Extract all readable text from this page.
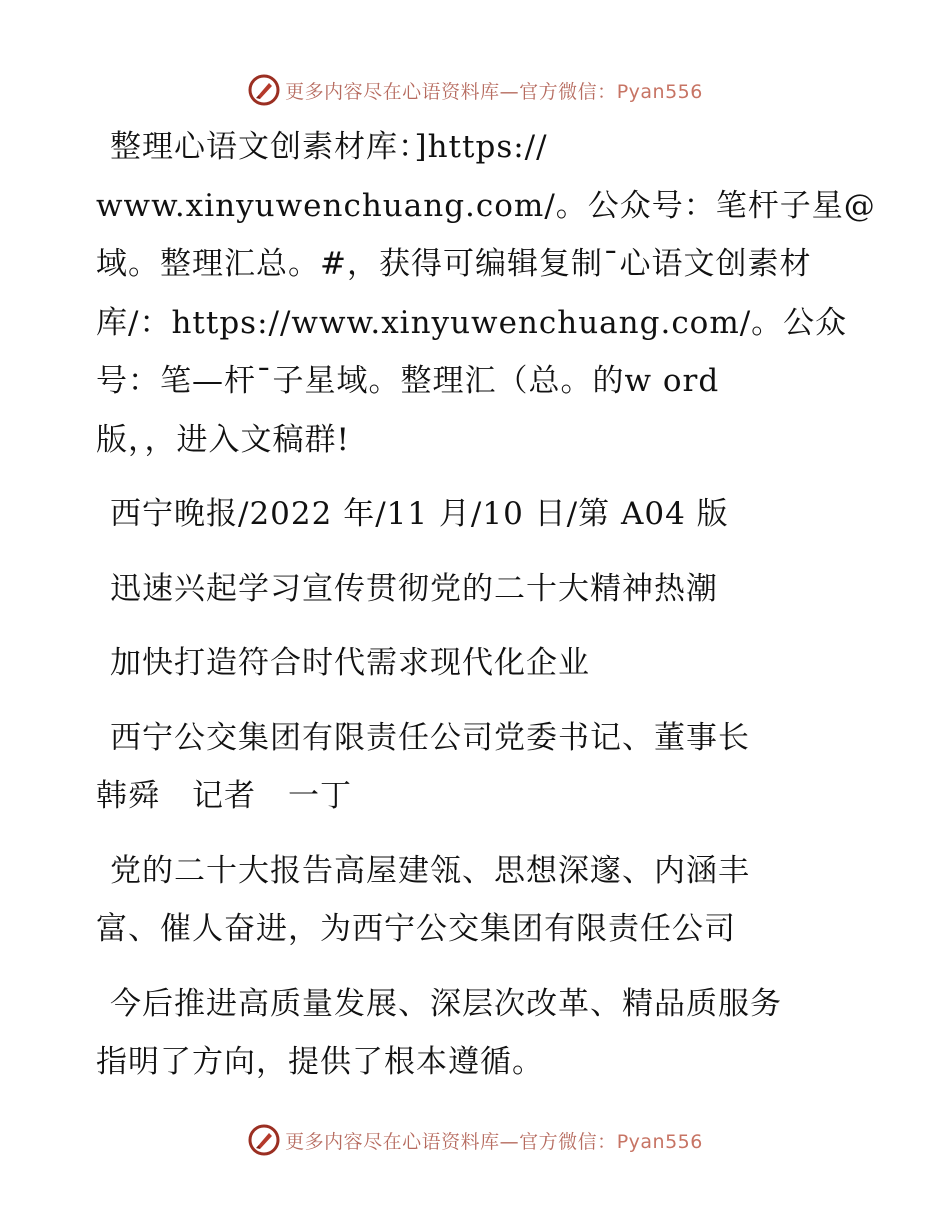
更多内容尽在心语资料库—官方微信：Pyan556

整理心语文创素材库：]https://
www.xinyuwenchuang.com/。公众号：笔杆子星@
域。整理汇总。#，获得可编辑复制¯心语文创素材
库/：https://www.xinyuwenchuang.com/。公众
号：笔—杆¯子星域。整理汇（总。的w ord
版，，进入文稿群!

西宁晚报/2022 年/11 月/10 日/第 A04 版

迅速兴起学习宣传贯彻党的二十大精神热潮

加快打造符合时代需求现代化企业

西宁公交集团有限责任公司党委书记、董事长
韩舜　记者　一丁

党的二十大报告高屋建瓴、思想深邃、内涵丰
富、催人奋进，为西宁公交集团有限责任公司

今后推进高质量发展、深层次改革、精品质服务
指明了方向，提供了根本遵循。

更多内容尽在心语资料库—官方微信：Pyan556
